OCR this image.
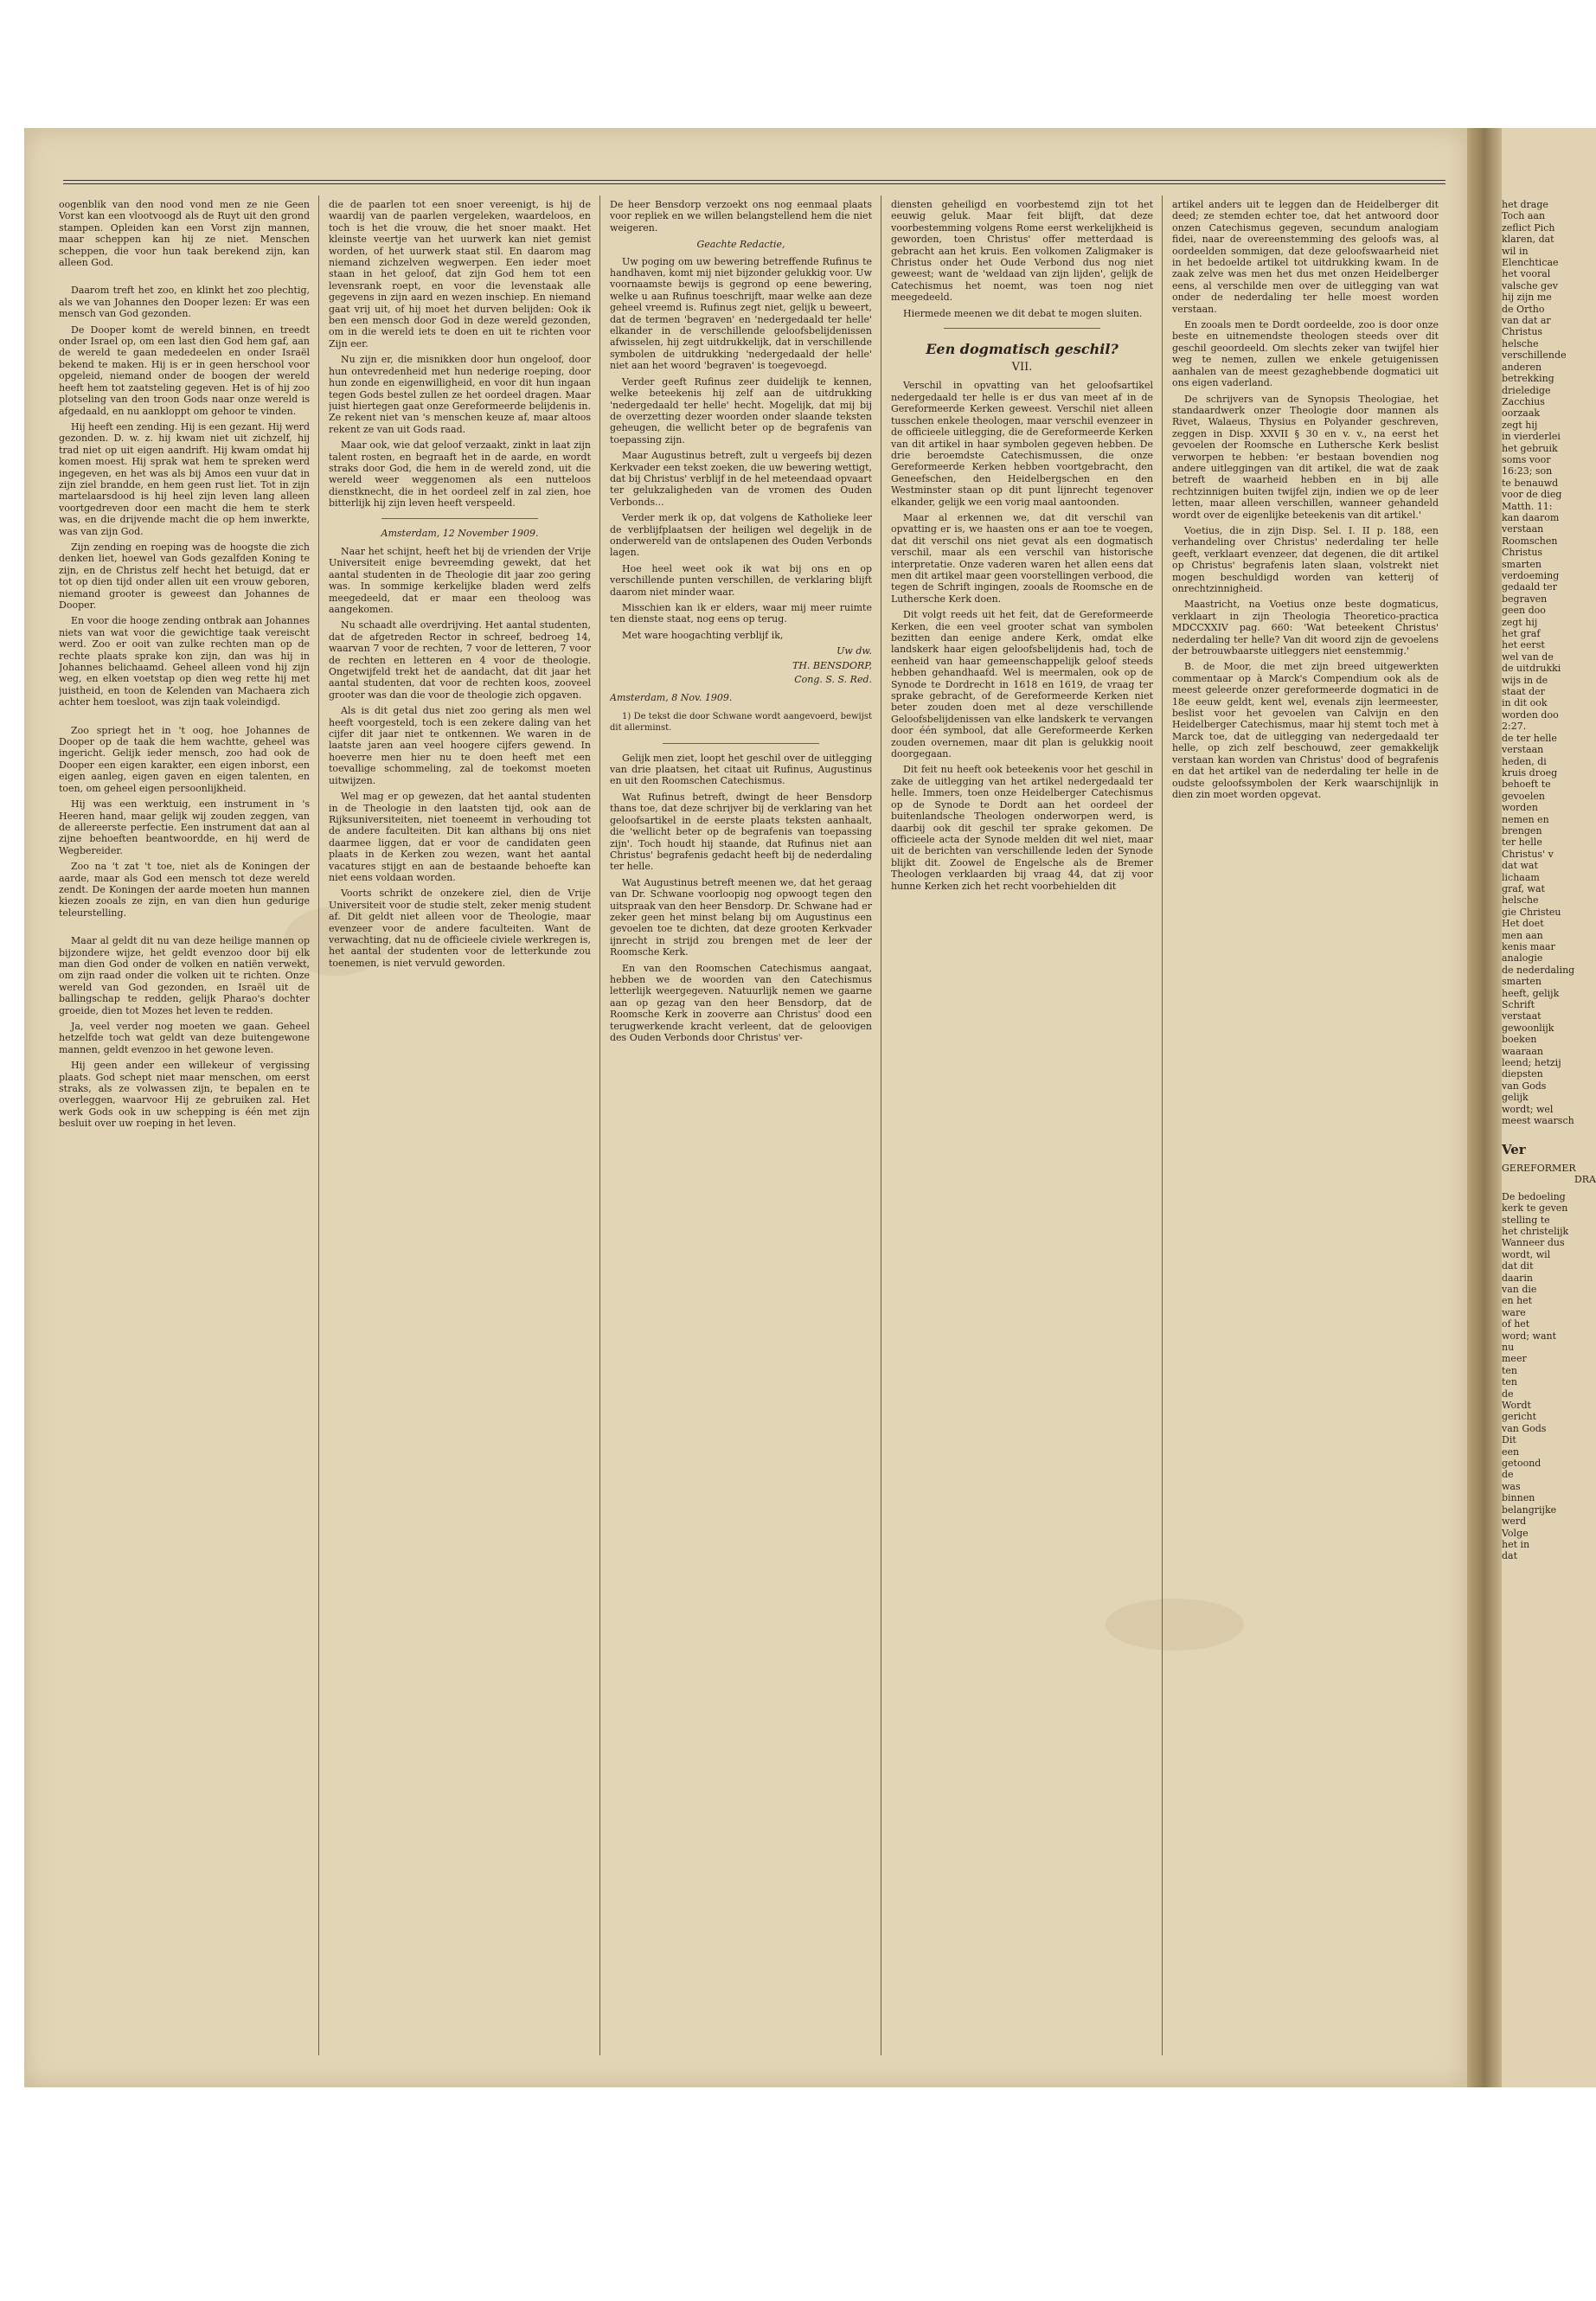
oogenblik van den nood vond men ze nie Geen Vorst kan een vlootvoogd als de Ruyt uit den grond stampen. Opleiden kan een Vorst zijn mannen, maar scheppen kan hij ze niet. Menschen scheppen, die voor hun taak berekend zijn, kan alleen God.

Daarom treft het zoo, en klinkt het zoo plechtig, als we van Johannes den Dooper lezen: Er was een mensch van God gezonden.

De Dooper komt de wereld binnen, en treedt onder Israel op, om een last dien God hem gaf, aan de wereld te gaan mededeelen en onder Israël bekend te maken. Hij is er in geen herschool voor opgeleid, niemand onder de boogen der wereld heeft hem tot zaatsteling gegeven. Het is of hij zoo plotseling van den troon Gods naar onze wereld is afgedaald, en nu aankloppt om gehoor te vinden.

Hij heeft een zending. Hij is een gezant. Hij werd gezonden. D. w. z. hij kwam niet uit zichzelf, hij trad niet op uit eigen aandrift. Hij kwam omdat hij komen moest. Hij sprak wat hem te spreken werd ingegeven, en het was als bij Amos een vuur dat in zijn ziel brandde, en hem geen rust liet. Tot in zijn martelaarsdood is hij heel zijn leven lang alleen voortgedreven door een macht die hem te sterk was, en die drijvende macht die op hem inwerkte, was van zijn God.

Zijn zending en roeping was de hoogste die zich denken liet, hoewel van Gods gezalfden Koning te zijn, en de Christus zelf hecht het betuigd, dat er tot op dien tijd onder allen uit een vrouw geboren, niemand grooter is geweest dan Johannes de Dooper.

En voor die hooge zending ontbrak aan Johannes niets van wat voor die gewichtige taak vereischt werd. Zoo er ooit van zulke rechten man op de rechte plaats sprake kon zijn, dan was hij in Johannes belichaamd. Geheel alleen vond hij zijn weg, en elken voetstap op dien weg rette hij met juistheid, en toon de Kelenden van Machaera zich achter hem toesloot, was zijn taak voleindigd.

Zoo spriegt het in 't oog, hoe Johannes de Dooper op de taak die hem wachtte, geheel was ingericht. Gelijk ieder mensch, zoo had ook de Dooper een eigen karakter, een eigen inborst, een eigen aanleg, eigen gaven en eigen talenten, en toen, om geheel eigen persoonlijkheid.

Hij was een werktuig, een instrument in 's Heeren hand, maar gelijk wij zouden zeggen, van de allereerste perfectie. Een instrument dat aan al zijne behoeften beantwoordde, en hij werd de Wegbereider.

Zoo na 't zat 't toe, niet als de Koningen der aarde, maar als God een mensch tot deze wereld zendt. De Koningen der aarde moeten hun mannen kiezen zooals ze zijn, en van dien hun gedurige teleurstelling.

Maar al geldt dit nu van deze heilige mannen op bijzondere wijze, het geldt evenzoo door bij elk man dien God onder de volken en natiën verwekt, om zijn raad onder die volken uit te richten. Onze wereld van God gezonden, en Israël uit de ballingschap te redden, gelijk Pharao's dochter groeide, dien tot Mozes het leven te redden.

Ja, veel verder nog moeten we gaan. Geheel hetzelfde toch wat geldt van deze buitengewone mannen, geldt evenzoo in het gewone leven.

Hij geen ander een willekeur of vergissing plaats. God schept niet maar menschen, om eerst straks, als ze volwassen zijn, te bepalen en te overleggen, waarvoor Hij ze gebruiken zal. Het werk Gods ook in uw schepping is één met zijn besluit over uw roeping in het leven.

die de paarlen tot een snoer vereenigt, is hij de waardij van de paarlen vergeleken, waardeloos, en toch is het die vrouw, die het snoer maakt. Het kleinste veertje van het uurwerk kan niet gemist worden, of het uurwerk staat stil. En daarom mag niemand zichzelven wegwerpen. Een ieder moet staan in het geloof, dat zijn God hem tot een levensrank roept, en voor die levenstaak alle gegevens in zijn aard en wezen inschiep. En niemand gaat vrij uit, of hij moet het durven belijden: Ook ik ben een mensch door God in deze wereld gezonden, om in die wereld iets te doen en uit te richten voor Zijn eer.

Nu zijn er, die misnikken door hun ongeloof, door hun ontevredenheid met hun nederige roeping, door hun zonde en eigenwilligheid, en voor dit hun ingaan tegen Gods bestel zullen ze het oordeel dragen. Maar juist hiertegen gaat onze Gereformeerde belijdenis in. Ze rekent niet van 's menschen keuze af, maar altoos rekent ze van uit Gods raad.

Maar ook, wie dat geloof verzaakt, zinkt in laat zijn talent rosten, en begraaft het in de aarde, en wordt straks door God, die hem in de wereld zond, uit die wereld weer weggenomen als een nutteloos dienstknecht, die in het oordeel zelf in zal zien, hoe bitterlijk hij zijn leven heeft verspeeld.

Amsterdam, 12 November 1909.

Naar het schijnt, heeft het bij de vrienden der Vrije Universiteit enige bevreemding gewekt, dat het aantal studenten in de Theologie dit jaar zoo gering was. In sommige kerkelijke bladen werd zelfs meegedeeld, dat er maar een theoloog was aangekomen.

Nu schaadt alle overdrijving. Het aantal studenten, dat de afgetreden Rector in schreef, bedroeg 14, waarvan 7 voor de rechten, 7 voor de letteren, 7 voor de rechten en letteren en 4 voor de theologie. Ongetwijfeld trekt het de aandacht, dat dit jaar het aantal studenten, dat voor de rechten koos, zooveel grooter was dan die voor de theologie zich opgaven.

Als is dit getal dus niet zoo gering als men wel heeft voorgesteld, toch is een zekere daling van het cijfer dit jaar niet te ontkennen. We waren in de laatste jaren aan veel hoogere cijfers gewend. In hoeverre men hier nu te doen heeft met een toevallige schommeling, zal de toekomst moeten uitwijzen.

Wel mag er op gewezen, dat het aantal studenten in de Theologie in den laatsten tijd, ook aan de Rijksuniversiteiten, niet toeneemt in verhouding tot de andere faculteiten. Dit kan althans bij ons niet daarmee liggen, dat er voor de candidaten geen plaats in de Kerken zou wezen, want het aantal vacatures stijgt en aan de bestaande behoefte kan niet eens voldaan worden.

Voorts schrikt de onzekere ziel, dien de Vrije Universiteit voor de studie stelt, zeker menig student af. Dit geldt niet alleen voor de Theologie, maar evenzeer voor de andere faculteiten. Want de verwachting, dat nu de officieele civiele werkregen is, het aantal der studenten voor de letterkunde zou toenemen, is niet vervuld geworden.

De heer Bensdorp verzoekt ons nog eenmaal plaats voor repliek en we willen belangstellend hem die niet weigeren.

Geachte Redactie,

Uw poging om uw bewering betreffende Rufinus te handhaven, komt mij niet bijzonder gelukkig voor. Uw voornaamste bewijs is gegrond op eene bewering, welke u aan Rufinus toeschrijft, maar welke aan deze geheel vreemd is. Rufinus zegt niet, gelijk u beweert, dat de termen 'begraven' en 'nedergedaald ter helle' elkander in de verschillende geloofsbelijdenissen afwisselen, hij zegt uitdrukkelijk, dat in verschillende symbolen de uitdrukking 'nedergedaald der helle' niet aan het woord 'begraven' is toegevoegd.

Verder geeft Rufinus zeer duidelijk te kennen, welke beteekenis hij zelf aan de uitdrukking 'nedergedaald ter helle' hecht. Mogelijk, dat mij bij de overzetting dezer woorden onder slaande teksten geheugen, die wellicht beter op de begrafenis van toepassing zijn.

Maar Augustinus betreft, zult u vergeefs bij dezen Kerkvader een tekst zoeken, die uw bewering wettigt, dat bij Christus' verblijf in de hel meteendaad opvaart ter gelukzaligheden van de vromen des Ouden Verbonds...

Verder merk ik op, dat volgens de Katholieke leer de verblijfplaatsen der heiligen wel degelijk in de onderwereld van de ontslapenen des Ouden Verbonds lagen.

Hoe heel weet ook ik wat bij ons en op verschillende punten verschillen, de verklaring blijft daarom niet minder waar.

Misschien kan ik er elders, waar mij meer ruimte ten dienste staat, nog eens op terug.

Met ware hoogachting verblijf ik,

Uw dw.
TH. BENSDORP,
Cong. S. S. Red.
Amsterdam, 8 Nov. 1909.

1) De tekst die door Schwane wordt aangevoerd, bewijst dit allerminst.

Gelijk men ziet, loopt het geschil over de uitlegging van drie plaatsen, het citaat uit Rufinus, Augustinus en uit den Roomschen Catechismus.

Wat Rufinus betreft, dwingt de heer Bensdorp thans toe, dat deze schrijver bij de verklaring van het geloofsartikel in de eerste plaats teksten aanhaalt, die 'wellicht beter op de begrafenis van toepassing zijn'. Toch houdt hij staande, dat Rufinus niet aan Christus' begrafenis gedacht heeft bij de nederdaling ter helle.

Wat Augustinus betreft meenen we, dat het geraag van Dr. Schwane voorloopig nog opwoogt tegen den uitspraak van den heer Bensdorp. Dr. Schwane had er zeker geen het minst belang bij om Augustinus een gevoelen toe te dichten, dat deze grooten Kerkvader ijnrecht in strijd zou brengen met de leer der Roomsche Kerk.

En van den Roomschen Catechismus aangaat, hebben we de woorden van den Catechismus letterlijk weergegeven. Natuurlijk nemen we gaarne aan op gezag van den heer Bensdorp, dat de Roomsche Kerk in zooverre aan Christus' dood een terugwerkende kracht verleent, dat de geloovigen des Ouden Verbonds door Christus' ver-

diensten geheiligd en voorbestemd zijn tot het eeuwig geluk. Maar feit blijft, dat deze voorbestemming volgens Rome eerst werkelijkheid is geworden, toen Christus' offer metterdaad is gebracht aan het kruis. Een volkomen Zaligmaker is Christus onder het Oude Verbond dus nog niet geweest; want de 'weldaad van zijn lijden', gelijk de Catechismus het noemt, was toen nog niet meegedeeld.

Hiermede meenen we dit debat te mogen sluiten.

Een dogmatisch geschil?
VII.

Verschil in opvatting van het geloofsartikel nedergedaald ter helle is er dus van meet af in de Gereformeerde Kerken geweest. Verschil niet alleen tusschen enkele theologen, maar verschil evenzeer in de officieele uitlegging, die de Gereformeerde Kerken van dit artikel in haar symbolen gegeven hebben. De drie beroemdste Catechismussen, die onze Gereformeerde Kerken hebben voortgebracht, den Geneefschen, den Heidelbergschen en den Westminster staan op dit punt lijnrecht tegenover elkander, gelijk we een vorig maal aantoonden.

Maar al erkennen we, dat dit verschil van opvatting er is, we haasten ons er aan toe te voegen, dat dit verschil ons niet gevat als een dogmatisch verschil, maar als een verschil van historische interpretatie. Onze vaderen waren het allen eens dat men dit artikel maar geen voorstellingen verbood, die tegen de Schrift ingingen, zooals de Roomsche en de Luthersche Kerk doen.

Dit volgt reeds uit het feit, dat de Gereformeerde Kerken, die een veel grooter schat van symbolen bezitten dan eenige andere Kerk, omdat elke landskerk haar eigen geloofsbelijdenis had, toch de eenheid van haar gemeenschappelijk geloof steeds hebben gehandhaafd. Wel is meermalen, ook op de Synode te Dordrecht in 1618 en 1619, de vraag ter sprake gebracht, of de Gereformeerde Kerken niet beter zouden doen met al deze verschillende Geloofsbelijdenissen van elke landskerk te vervangen door één symbool, dat alle Gereformeerde Kerken zouden overnemen, maar dit plan is gelukkig nooit doorgegaan.

Dit feit nu heeft ook beteekenis voor het geschil in zake de uitlegging van het artikel nedergedaald ter helle. Immers, toen onze Heidelberger Catechismus op de Synode te Dordt aan het oordeel der buitenlandsche Theologen onderworpen werd, is daarbij ook dit geschil ter sprake gekomen. De officieele acta der Synode melden dit wel niet, maar uit de berichten van verschillende leden der Synode blijkt dit. Zoowel de Engelsche als de Bremer Theologen verklaarden bij vraag 44, dat zij voor hunne Kerken zich het recht voorbehielden dit

artikel anders uit te leggen dan de Heidelberger dit deed; ze stemden echter toe, dat het antwoord door onzen Catechismus gegeven, secundum analogiam fidei, naar de overeenstemming des geloofs was, al oordeelden sommigen, dat deze geloofswaarheid niet in het bedoelde artikel tot uitdrukking kwam. In de zaak zelve was men het dus met onzen Heidelberger eens, al verschilde men over de uitlegging van wat onder de nederdaling ter helle moest worden verstaan.

En zooals men te Dordt oordeelde, zoo is door onze beste en uitnemendste theologen steeds over dit geschil geoordeeld. Om slechts zeker van twijfel hier weg te nemen, zullen we enkele getuigenissen aanhalen van de meest gezaghebbende dogmatici uit ons eigen vaderland.

De schrijvers van de Synopsis Theologiae, het standaardwerk onzer Theologie door mannen als Rivet, Walaeus, Thysius en Polyander geschreven, zeggen in Disp. XXVII § 30 en v. v., na eerst het gevoelen der Roomsche en Luthersche Kerk beslist verworpen te hebben: 'er bestaan bovendien nog andere uitleggingen van dit artikel, die wat de zaak betreft de waarheid hebben en in bij alle rechtzinnigen buiten twijfel zijn, indien we op de leer letten, maar alleen verschillen, wanneer gehandeld wordt over de eigenlijke beteekenis van dit artikel.'

Voetius, die in zijn Disp. Sel. I. II p. 188, een verhandeling over Christus' nederdaling ter helle geeft, verklaart evenzeer, dat degenen, die dit artikel op Christus' begrafenis laten slaan, volstrekt niet mogen beschuldigd worden van ketterij of onrechtzinnigheid.

Maastricht, na Voetius onze beste dogmaticus, verklaart in zijn Theologia Theoretico-practica MDCCXXIV pag. 660: 'Wat beteekent Christus' nederdaling ter helle? Van dit woord zijn de gevoelens der betrouwbaarste uitleggers niet eenstemmig.'

B. de Moor, die met zijn breed uitgewerkten commentaar op à Marck's Compendium ook als de meest geleerde onzer gereformeerde dogmatici in de 18e eeuw geldt, kent wel, evenals zijn leermeester, beslist voor het gevoelen van Calvijn en den Heidelberger Catechismus, maar hij stemt toch met à Marck toe, dat de uitlegging van nedergedaald ter helle, op zich zelf beschouwd, zeer gemakkelijk verstaan kan worden van Christus' dood of begrafenis en dat het artikel van de nederdaling ter helle in de oudste geloofssymbolen der Kerk waarschijnlijk in dien zin moet worden opgevat.

het drage
Toch aan
zeflict Pich
klaren, dat
wil in
Elenchticae
het vooral
valsche gev
hij zijn me
de Ortho
van dat ar
Christus
helsche
verschillende
anderen
betrekking
drieledige
Zacchius
oorzaak
zegt hij
in vierderlei
het gebruik
soms voor
16:23; son
te benauwd
voor de dieg
Matth. 11:
kan daarom
verstaan
Roomschen
Christus
smarten
verdoeming
gedaald ter
begraven
geen doo
zegt hij
het graf
het eerst
wel van de
de uitdrukki
wijs in de
staat der
in dit ook
worden doo
2:27.
de ter helle
verstaan
heden, di
kruis droeg
behoeft te
gevoelen
worden
nemen en
brengen
ter helle
Christus' v
dat wat
lichaam
graf, wat
helsche
gie Christeu
Het doet
men aan
kenis maar
analogie
de nederdaling
smarten
heeft, gelijk
Schrift
verstaat
gewoonlijk
boeken
waaraan
leend; hetzij
diepsten
van Gods
gelijk
wordt; wel
meest waarsch
Ver
GEREFORMER
DRA
De bedoeling
kerk te geven
stelling te
het christelijk
Wanneer dus
wordt, wil
dat dit
daarin
van die
en het
ware
of het
word; want
nu
meer
ten
ten
de
Wordt
gericht
van Gods
Dit
een
getoond
de
was
binnen
belangrijke
werd
Volge
het in
dat
